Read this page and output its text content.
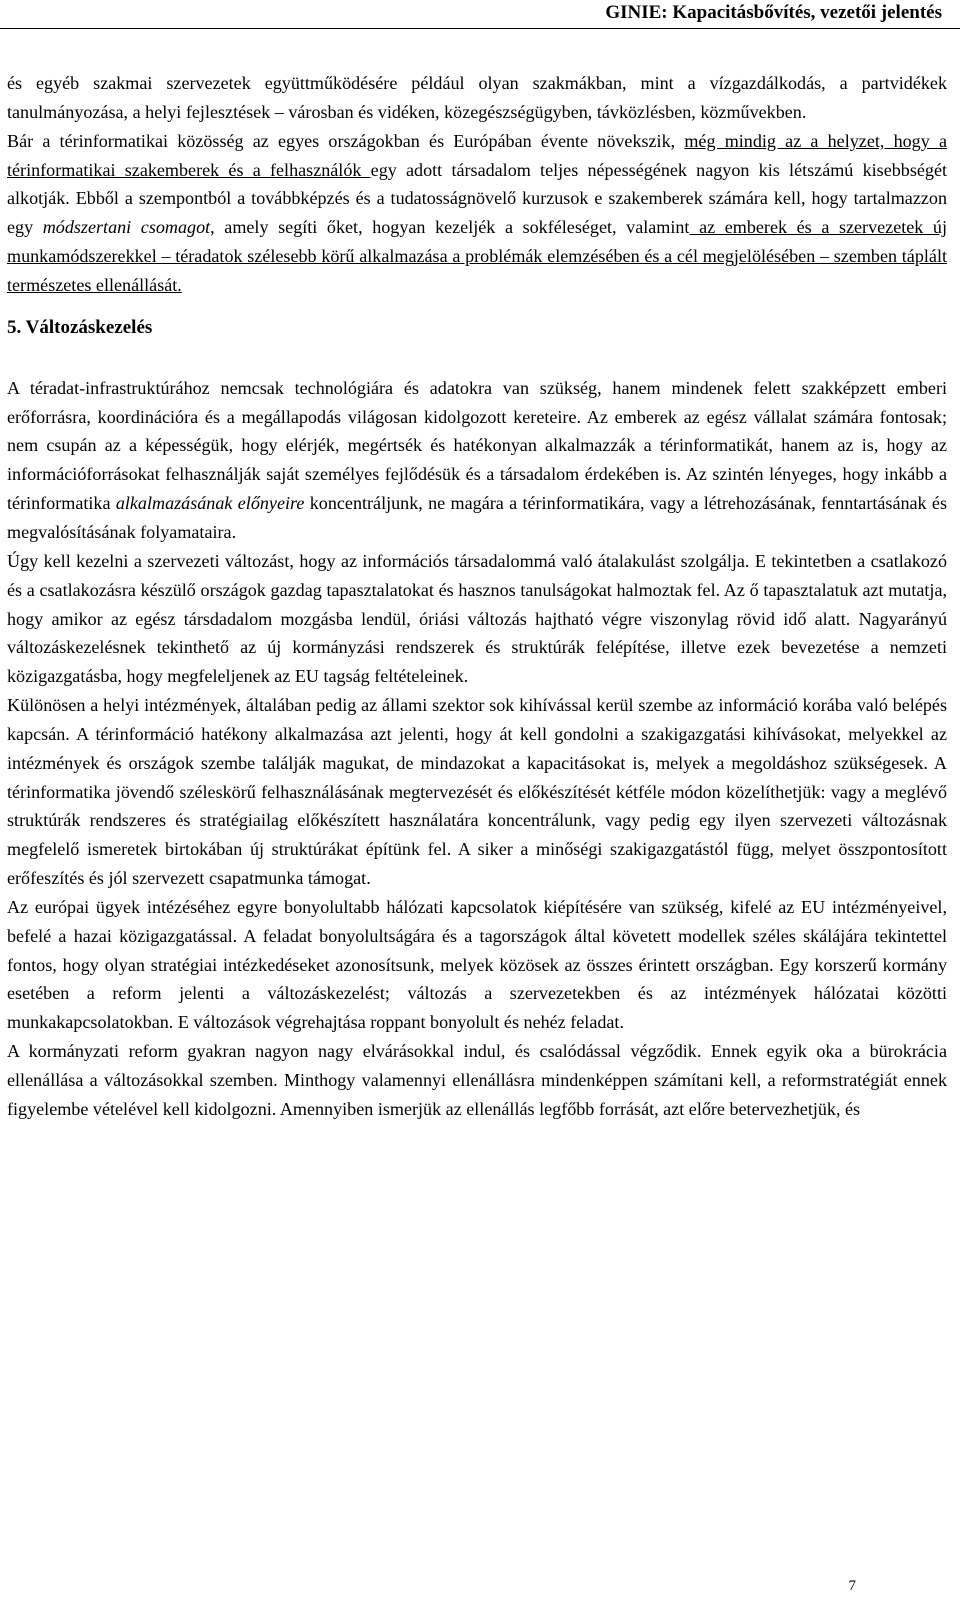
GINIE: Kapacitásbővítés, vezetői jelentés

és egyéb szakmai szervezetek együttműködésére például olyan szakmákban, mint a vízgazdálkodás, a partvidékek tanulmányozása, a helyi fejlesztések – városban és vidéken, közegészségügyben, távközlésben, közművekben.

Bár a térinformatikai közösség az egyes országokban és Európában évente növekszik, még mindig az a helyzet, hogy a térinformatikai szakemberek és a felhasználók egy adott társadalom teljes népességének nagyon kis létszámú kisebbségét alkotják. Ebből a szempontból a továbbképzés és a tudatosságnövelő kurzusok e szakemberek számára kell, hogy tartalmazzon egy módszertani csomagot, amely segíti őket, hogyan kezeljék a sokféleséget, valamint az emberek és a szervezetek új munkamódszerekkel – téradatok szélesebb körű alkalmazása a problémák elemzésében és a cél megjelölésében – szemben táplált természetes ellenállását.

5. Változáskezelés

A téradat-infrastruktúrához nemcsak technológiára és adatokra van szükség, hanem mindenek felett szakképzett emberi erőforrásra, koordinációra és a megállapodás világosan kidolgozott kereteire. Az emberek az egész vállalat számára fontosak; nem csupán az a képességük, hogy elérjék, megértsék és hatékonyan alkalmazzák a térinformatikát, hanem az is, hogy az információforrásokat felhasználják saját személyes fejlődésük és a társadalom érdekében is. Az szintén lényeges, hogy inkább a térinformatika alkalmazásának előnyeire koncentráljunk, ne magára a térinformatikára, vagy a létrehozásának, fenntartásának és megvalósításának folyamataira.

Úgy kell kezelni a szervezeti változást, hogy az információs társadalommá való átalakulást szolgálja. E tekintetben a csatlakozó és a csatlakozásra készülő országok gazdag tapasztalatokat és hasznos tanulságokat halmoztak fel. Az ő tapasztalatuk azt mutatja, hogy amikor az egész társdadalom mozgásba lendül, óriási változás hajtható végre viszonylag rövid idő alatt. Nagyarányú változáskezelésnek tekinthető az új kormányzási rendszerek és struktúrák felépítése, illetve ezek bevezetése a nemzeti közigazgatásba, hogy megfeleljenek az EU tagság feltételeinek.

Különösen a helyi intézmények, általában pedig az állami szektor sok kihívással kerül szembe az információ korába való belépés kapcsán. A térinformáció hatékony alkalmazása azt jelenti, hogy át kell gondolni a szakigazgatási kihívásokat, melyekkel az intézmények és országok szembe találják magukat, de mindazokat a kapacitásokat is, melyek a megoldáshoz szükségesek. A térinformatika jövendő széleskörű felhasználásának megtervezését és előkészítését kétféle módon közelíthetjük: vagy a meglévő struktúrák rendszeres és stratégiailag előkészített használatára koncentrálunk, vagy pedig egy ilyen szervezeti változásnak megfelelő ismeretek birtokában új struktúrákat építünk fel. A siker a minőségi szakigazgatástól függ, melyet összpontosított erőfeszítés és jól szervezett csapatmunka támogat.

Az európai ügyek intézéséhez egyre bonyolultabb hálózati kapcsolatok kiépítésére van szükség, kifelé az EU intézményeivel, befelé a hazai közigazgatással. A feladat bonyolultságára és a tagországok által követett modellek széles skálájára tekintettel fontos, hogy olyan stratégiai intézkedéseket azonosítsunk, melyek közösek az összes érintett országban. Egy korszerű kormány esetében a reform jelenti a változáskezelést; változás a szervezetekben és az intézmények hálózatai közötti munkakapcsolatokban. E változások végrehajtása roppant bonyolult és nehéz feladat.

A kormányzati reform gyakran nagyon nagy elvárásokkal indul, és csalódással végződik. Ennek egyik oka a bürokrácia ellenállása a változásokkal szemben. Minthogy valamennyi ellenállásra mindenképpen számítani kell, a reformstratégiát ennek figyelembe vételével kell kidolgozni. Amennyiben ismerjük az ellenállás legfőbb forrását, azt előre betervezhetjük, és

7
